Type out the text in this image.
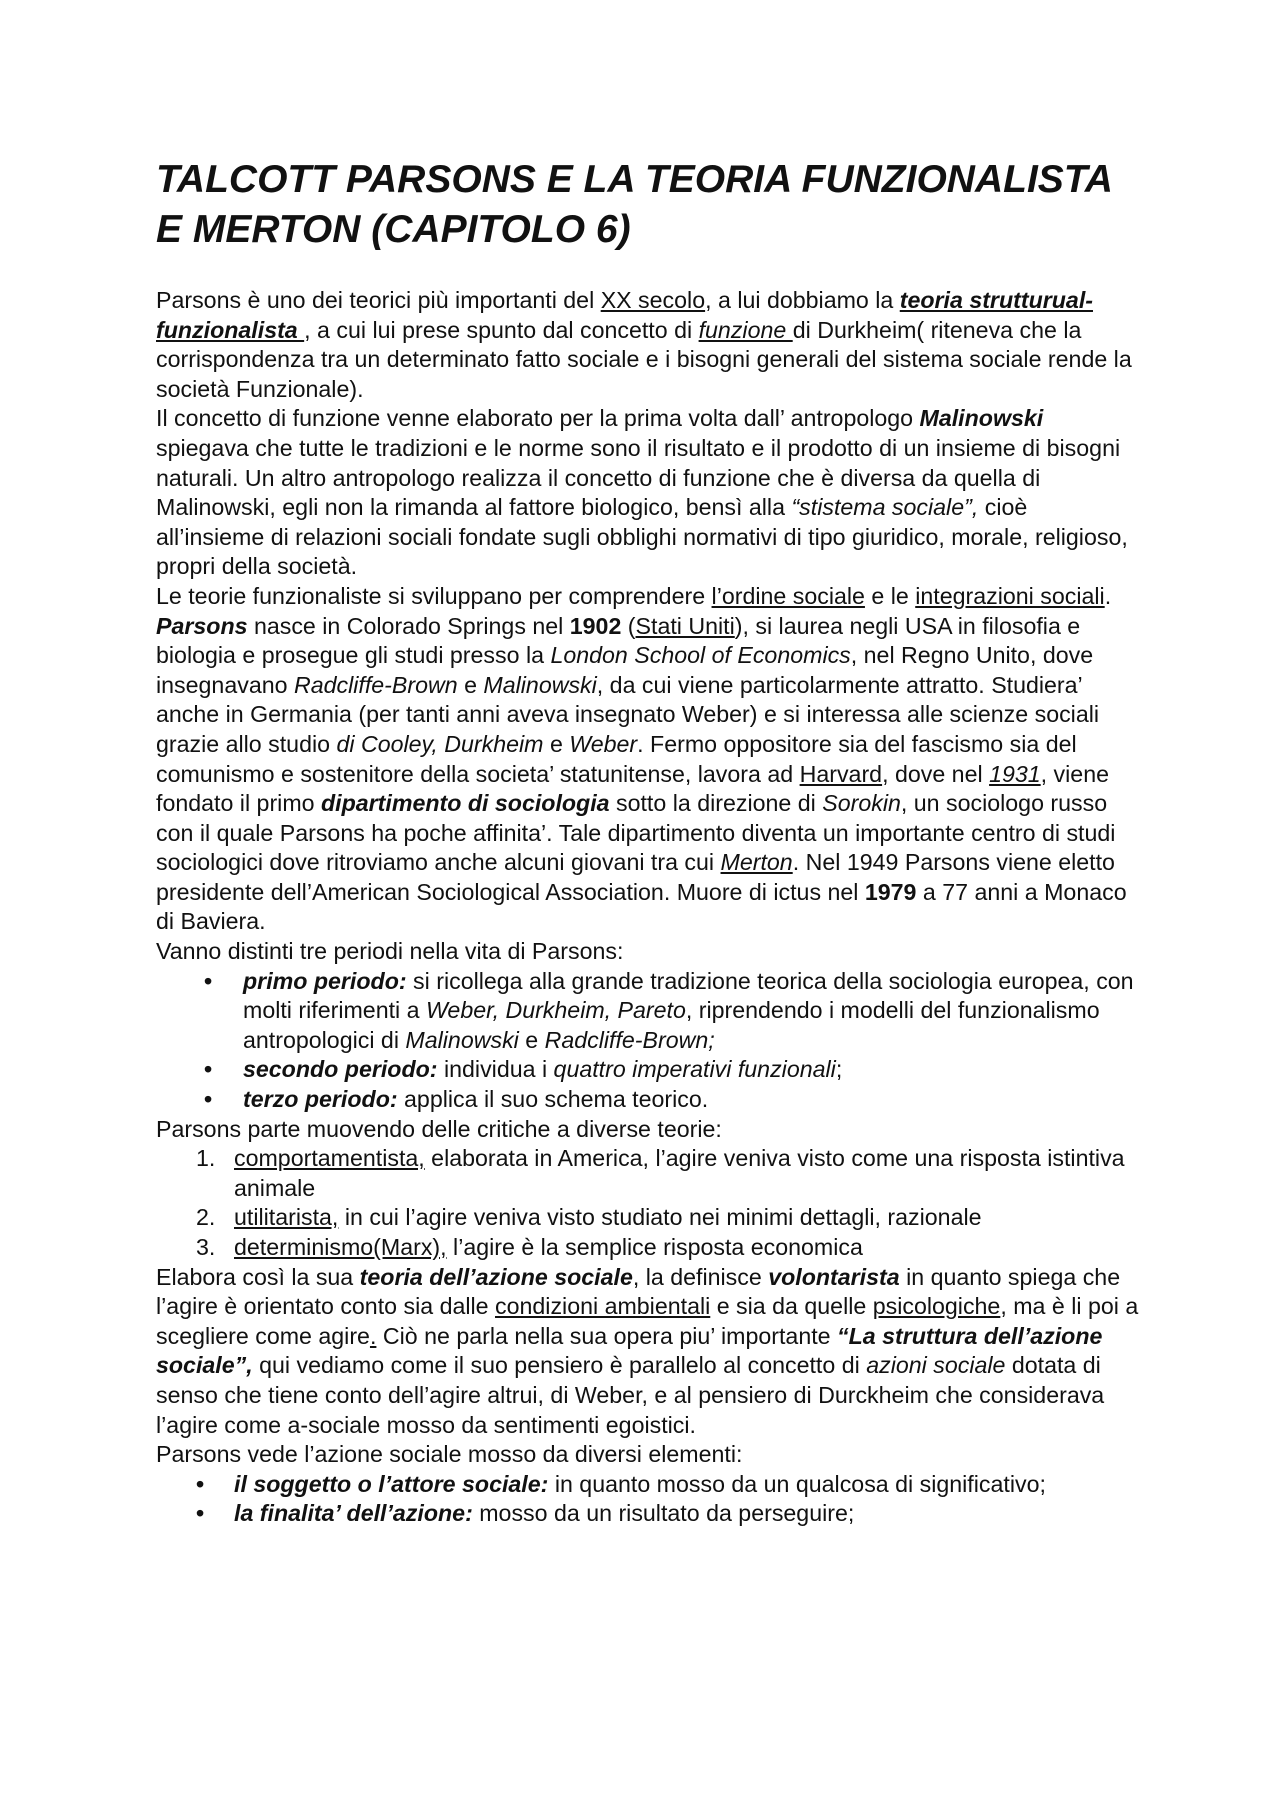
TALCOTT PARSONS E LA TEORIA FUNZIONALISTA E MERTON (CAPITOLO 6)

Parsons è uno dei teorici più importanti del XX secolo, a lui dobbiamo la teoria strutturual-funzionalista , a cui lui prese spunto dal concetto di funzione di Durkheim( riteneva che la corrispondenza tra un determinato fatto sociale e i bisogni generali del sistema sociale rende la società Funzionale).

Il concetto di funzione venne elaborato per la prima volta dall’ antropologo Malinowski spiegava che tutte le tradizioni e le norme sono il risultato e il prodotto di un insieme di bisogni naturali. Un altro antropologo realizza il concetto di funzione che è diversa da quella di Malinowski, egli non la rimanda al fattore biologico, bensì alla “stistema sociale”, cioè all’insieme di relazioni sociali fondate sugli obblighi normativi di tipo giuridico, morale, religioso, propri della società.

Le teorie funzionaliste si sviluppano per comprendere l’ordine sociale e le integrazioni sociali.

Parsons nasce in Colorado Springs nel 1902 (Stati Uniti), si laurea negli USA in filosofia e biologia e prosegue gli studi presso la London School of Economics, nel Regno Unito, dove insegnavano Radcliffe-Brown e Malinowski, da cui viene particolarmente attratto. Studiera’ anche in Germania (per tanti anni aveva insegnato Weber) e si interessa alle scienze sociali grazie allo studio di Cooley, Durkheim e Weber. Fermo oppositore sia del fascismo sia del comunismo e sostenitore della societa’ statunitense, lavora ad Harvard, dove nel 1931, viene fondato il primo dipartimento di sociologia sotto la direzione di Sorokin, un sociologo russo con il quale Parsons ha poche affinita’. Tale dipartimento diventa un importante centro di studi sociologici dove ritroviamo anche alcuni giovani tra cui Merton. Nel 1949 Parsons viene eletto presidente dell’American Sociological Association. Muore di ictus nel 1979 a 77 anni a Monaco di Baviera.

Vanno distinti tre periodi nella vita di Parsons:

• primo periodo: si ricollega alla grande tradizione teorica della sociologia europea, con molti riferimenti a Weber, Durkheim, Pareto, riprendendo i modelli del funzionalismo antropologici di Malinowski e Radcliffe-Brown;
• secondo periodo: individua i quattro imperativi funzionali;
• terzo periodo: applica il suo schema teorico.

Parsons parte muovendo delle critiche a diverse teorie:

1. comportamentista, elaborata in America, l’agire veniva visto come una risposta istintiva animale
2. utilitarista, in cui l’agire veniva visto studiato nei minimi dettagli, razionale
3. determinismo(Marx), l’agire è la semplice risposta economica

Elabora così la sua teoria dell’azione sociale, la definisce volontarista in quanto spiega che l’agire è orientato conto sia dalle condizioni ambientali e sia da quelle psicologiche, ma è li poi a scegliere come agire. Ciò ne parla nella sua opera piu’ importante “La struttura dell’azione sociale”, qui vediamo come il suo pensiero è parallelo al concetto di azioni sociale dotata di senso che tiene conto dell’agire altrui, di Weber, e al pensiero di Durckheim che considerava l’agire come a-sociale mosso da sentimenti egoistici.

Parsons vede l’azione sociale mosso da diversi elementi:

• il soggetto o l’attore sociale: in quanto mosso da un qualcosa di significativo;
• la finalita’ dell’azione: mosso da un risultato da perseguire;
